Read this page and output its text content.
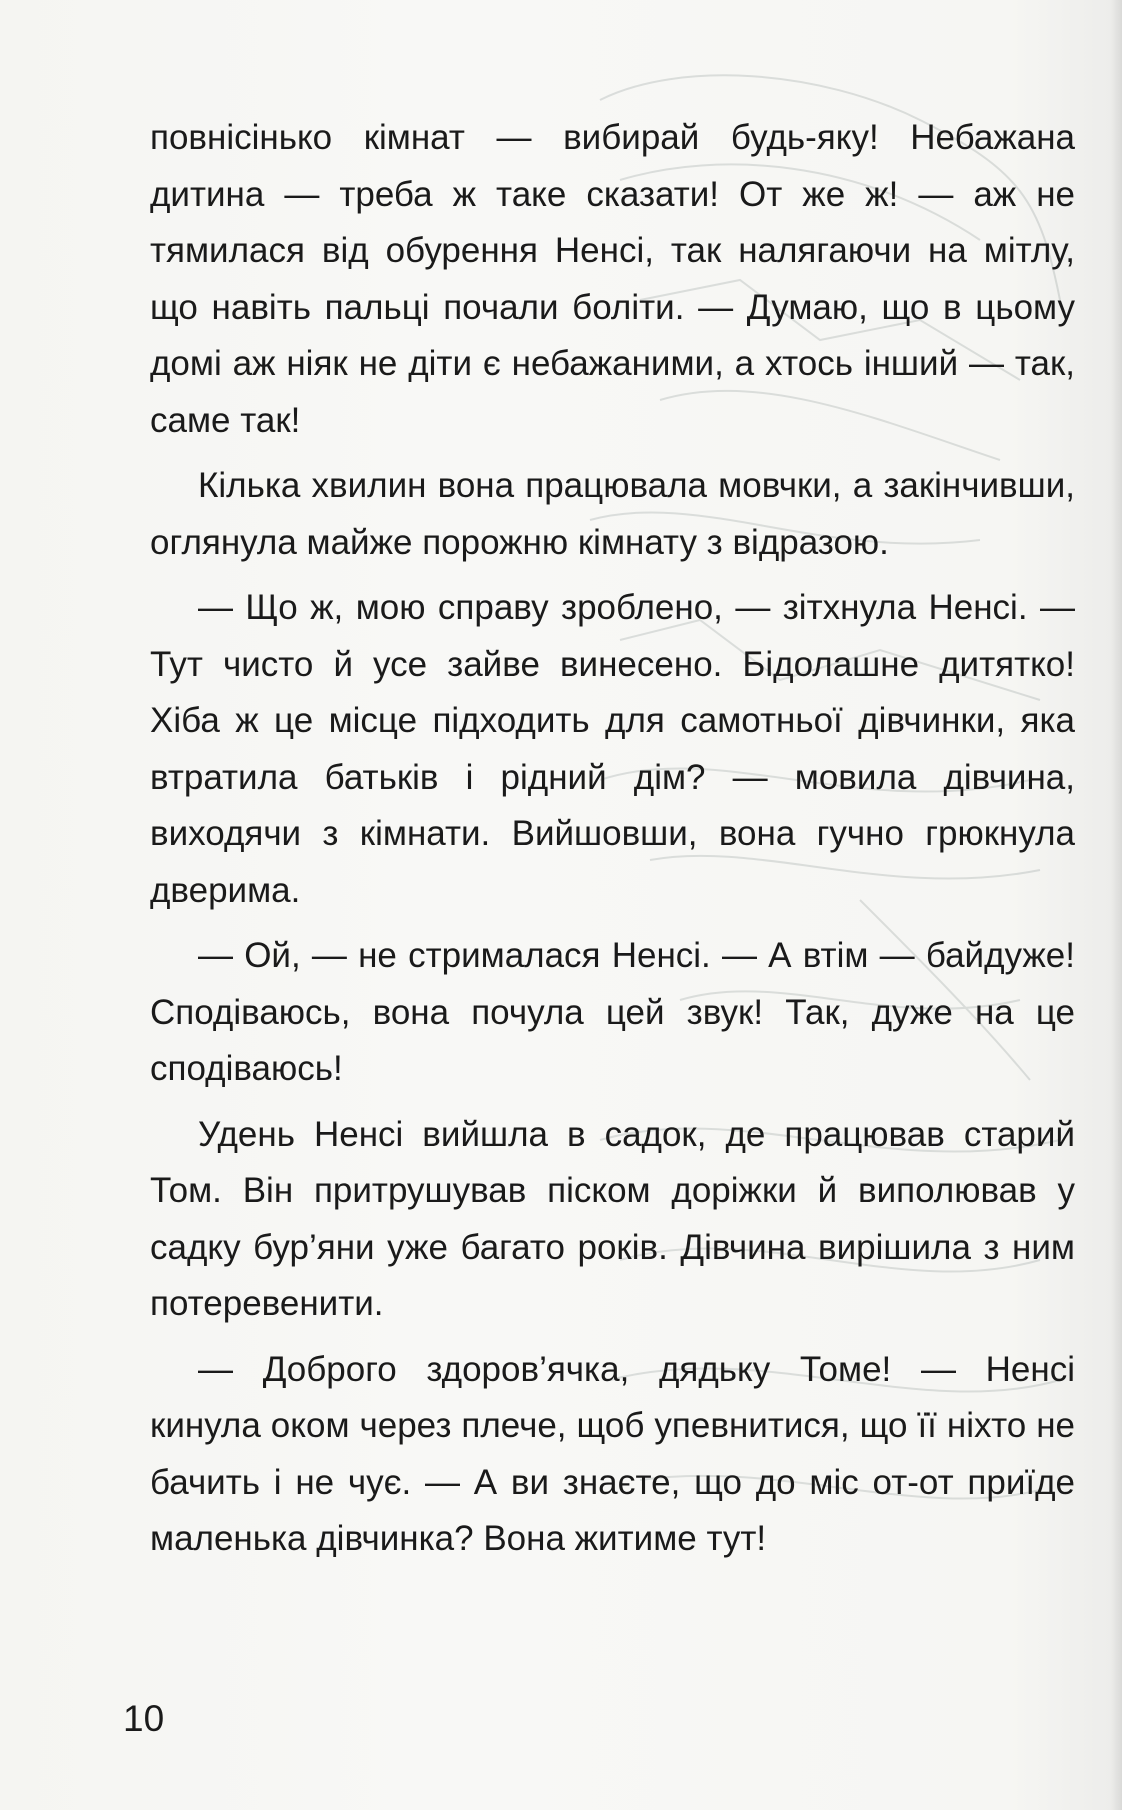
повнісінько кімнат — вибирай будь-яку! Небажана дитина — треба ж таке сказати! От же ж! — аж не тямилася від обурення Ненсі, так налягаючи на мітлу, що навіть пальці почали боліти. — Думаю, що в цьому домі аж ніяк не діти є небажаними, а хтось інший — так, саме так!

Кілька хвилин вона працювала мовчки, а закінчивши, оглянула майже порожню кімнату з відразою.

— Що ж, мою справу зроблено, — зітхнула Ненсі. — Тут чисто й усе зайве винесено. Бідолашне дитятко! Хіба ж це місце підходить для самотньої дівчинки, яка втратила батьків і рідний дім? — мовила дівчина, виходячи з кімнати. Вийшовши, вона гучно грюкнула дверима.

— Ой, — не стрималася Ненсі. — А втім — байдуже! Сподіваюсь, вона почула цей звук! Так, дуже на це сподіваюсь!

Удень Ненсі вийшла в садок, де працював старий Том. Він притрушував піском доріжки й виполював у садку бур’яни уже багато років. Дівчина вирішила з ним потеревенити.

— Доброго здоров’ячка, дядьку Томе! — Ненсі кинула оком через плече, щоб упевнитися, що її ніхто не бачить і не чує. — А ви знаєте, що до міс от-от приїде маленька дівчинка? Вона житиме тут!

10
